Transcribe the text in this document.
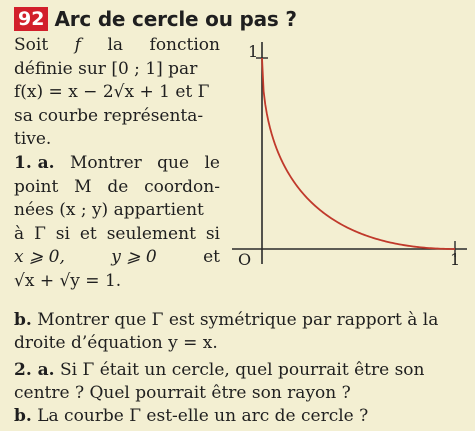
92 Arc de cercle ou pas ?
Soit f la fonction
définie sur [0 ; 1] par
f(x) = x − 2√x + 1 et Γ
sa courbe représenta-
tive.
1. a. Montrer que le
point M de coordon-
nées (x ; y) appartient
à Γ si et seulement si
x ⩾ 0,	y ⩾ 0	et
√x + √y = 1.
b. Montrer que Γ est symétrique par rapport à la
droite d’équation y = x.
2. a. Si Γ était un cercle, quel pourrait être son
centre ? Quel pourrait être son rayon ?
b. La courbe Γ est-elle un arc de cercle ?
1
O	1
